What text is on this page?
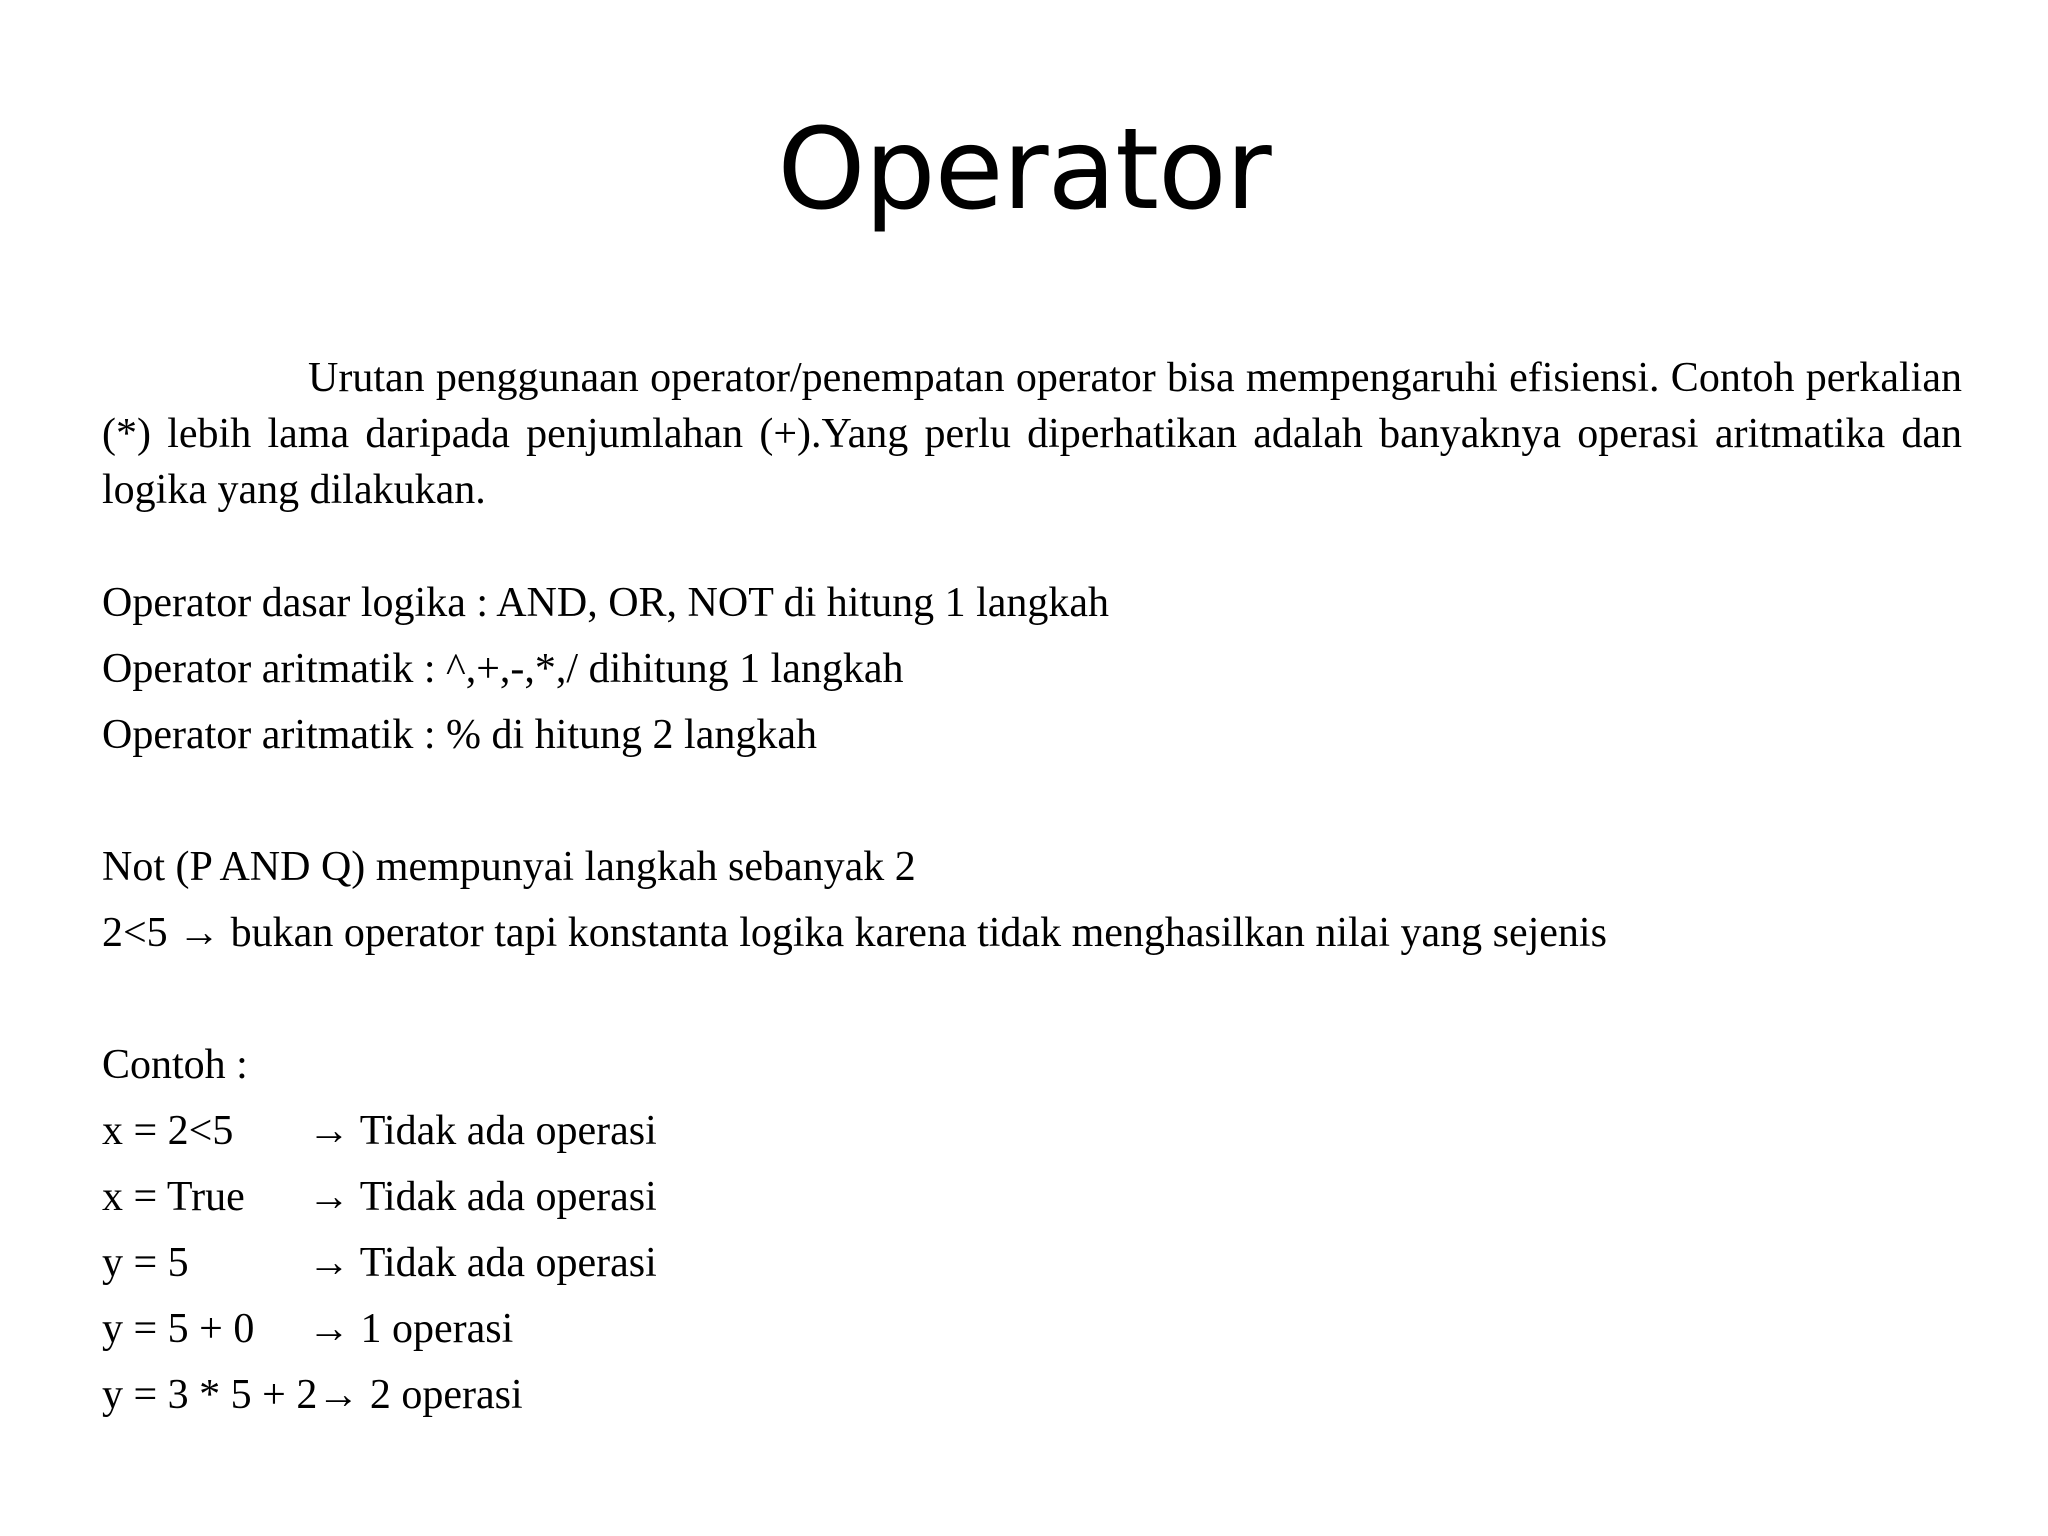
Operator

Urutan penggunaan operator/penempatan operator bisa mempengaruhi efisiensi. Contoh perkalian (*) lebih lama daripada penjumlahan (+).Yang perlu diperhatikan adalah banyaknya operasi aritmatika dan logika yang dilakukan.

Operator dasar logika : AND, OR, NOT di hitung 1 langkah

Operator aritmatik : ^,+,-,*,/ dihitung 1 langkah

Operator aritmatik : % di hitung 2 langkah

Not (P AND Q) mempunyai langkah sebanyak 2

2<5 → bukan operator tapi konstanta logika karena tidak menghasilkan nilai yang sejenis

Contoh :

x = 2<5	→ Tidak ada operasi
x = True	→ Tidak ada operasi
y = 5	→ Tidak ada operasi
y = 5 + 0	→ 1 operasi
y = 3 * 5 + 2 → 2 operasi
